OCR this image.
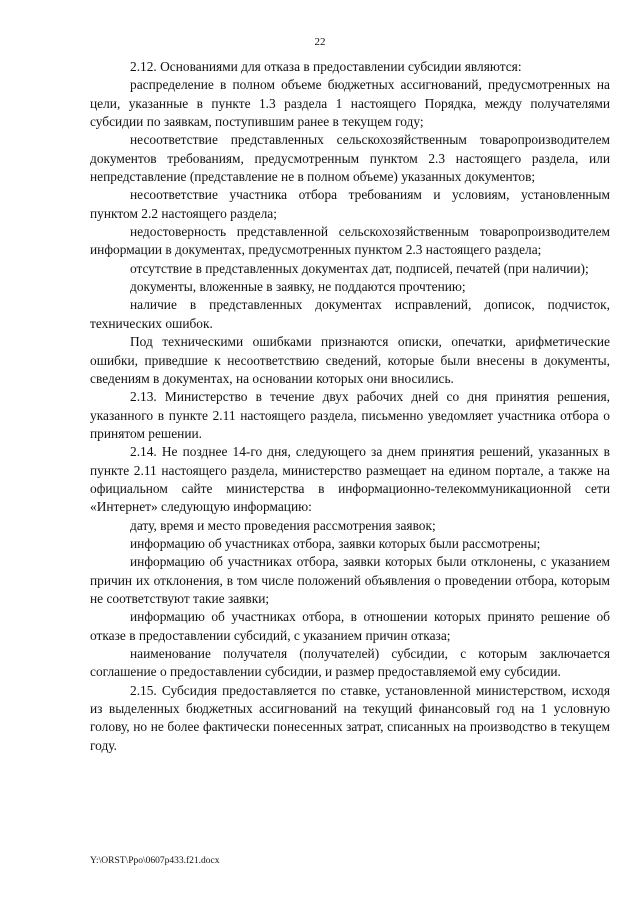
22

2.12. Основаниями для отказа в предоставлении субсидии являются:

распределение в полном объеме бюджетных ассигнований, предусмотренных на цели, указанные в пункте 1.3 раздела 1 настоящего Порядка, между получателями субсидии по заявкам, поступившим ранее в текущем году;

несоответствие представленных сельскохозяйственным товаропроизводителем документов требованиям, предусмотренным пунктом 2.3 настоящего раздела, или непредставление (представление не в полном объеме) указанных документов;

несоответствие участника отбора требованиям и условиям, установленным пунктом 2.2 настоящего раздела;

недостоверность представленной сельскохозяйственным товаропроизводителем информации в документах, предусмотренных пунктом 2.3 настоящего раздела;

отсутствие в представленных документах дат, подписей, печатей (при наличии);

документы, вложенные в заявку, не поддаются прочтению;

наличие в представленных документах исправлений, дописок, подчисток, технических ошибок.

Под техническими ошибками признаются описки, опечатки, арифметические ошибки, приведшие к несоответствию сведений, которые были внесены в документы, сведениям в документах, на основании которых они вносились.

2.13. Министерство в течение двух рабочих дней со дня принятия решения, указанного в пункте 2.11 настоящего раздела, письменно уведомляет участника отбора о принятом решении.

2.14. Не позднее 14-го дня, следующего за днем принятия решений, указанных в пункте 2.11 настоящего раздела, министерство размещает на едином портале, а также на официальном сайте министерства в информационно-телекоммуникационной сети «Интернет» следующую информацию:

дату, время и место проведения рассмотрения заявок;

информацию об участниках отбора, заявки которых были рассмотрены;

информацию об участниках отбора, заявки которых были отклонены, с указанием причин их отклонения, в том числе положений объявления о проведении отбора, которым не соответствуют такие заявки;

информацию об участниках отбора, в отношении которых принято решение об отказе в предоставлении субсидий, с указанием причин отказа;

наименование получателя (получателей) субсидии, с которым заключается соглашение о предоставлении субсидии, и размер предоставляемой ему субсидии.

2.15. Субсидия предоставляется по ставке, установленной министерством, исходя из выделенных бюджетных ассигнований на текущий финансовый год на 1 условную голову, но не более фактически понесенных затрат, списанных на производство в текущем году.

Y:\ORST\Ppo\0607p433.f21.docx
